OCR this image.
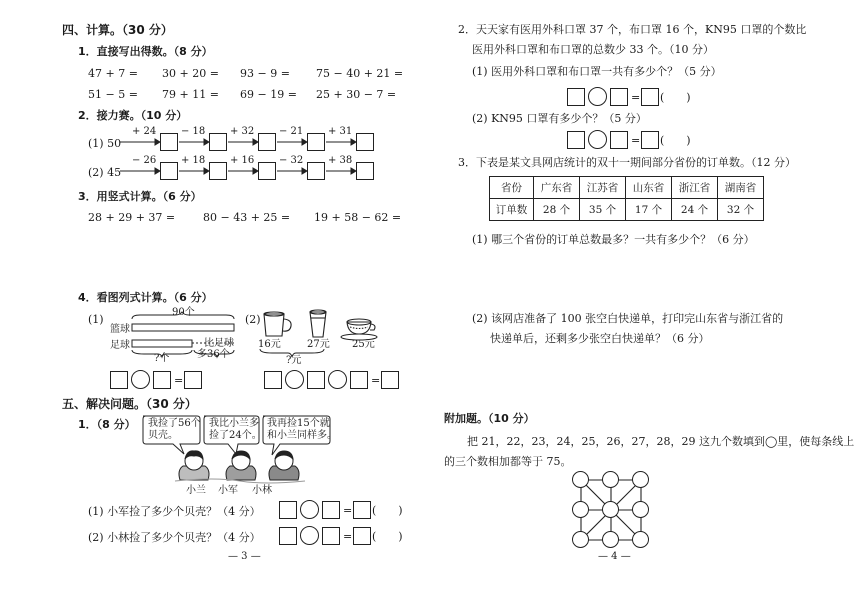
四、计算。（30 分）
1．直接写出得数。（8 分）
47 + 7 = 30 + 20 = 93 − 9 = 75 − 40 + 21 =
51 − 5 = 79 + 11 = 69 − 19 = 25 + 30 − 7 =
2．接力赛。（10 分）
(1) 50
+ 24 − 18 + 32 − 21 + 31
(2) 45
− 26 + 18 + 16 − 32 + 38
3．用竖式计算。（6 分）
28 + 29 + 37 =	80 − 43 + 25 = 19 + 58 − 62 =
4．看图列式计算。（6 分）
(1)
90个
篮球
足球
?个
比足球
多36个
(2)
16元	27元 25元
?元
=	=
五、解决问题。（30 分）
1．（8 分） 我捡了56个
贝壳。
我比小兰多
捡了24个。
我再捡15个就
和小兰同样多。
小兰 小军 小林
(1) 小军捡了多少个贝壳？（4 分）	= (　　)
(2) 小林捡了多少个贝壳？（4 分）	= (　　)
— 3 —
2．天天家有医用外科口罩 37 个，布口罩 16 个，KN95 口罩的个数比
医用外科口罩和布口罩的总数少 33 个。（10 分）
(1) 医用外科口罩和布口罩一共有多少个？（5 分）
= (　　)
(2) KN95 口罩有多少个？（5 分）
= (　　)
3．下表是某文具网店统计的双十一期间部分省份的订单数。（12 分）
省份	广东省	江苏省	山东省	浙江省	湖南省
订单数	28 个	35 个	17 个	24 个	32 个
(1) 哪三个省份的订单总数最多？一共有多少个？（6 分）
(2) 该网店准备了 100 张空白快递单，打印完山东省与浙江省的
快递单后，还剩多少张空白快递单？（6 分）
附加题。（10 分）
把 21，22，23，24，25，26，27，28，29 这九个数填到◯里，使每条线上
的三个数相加都等于 75。
— 4 —
